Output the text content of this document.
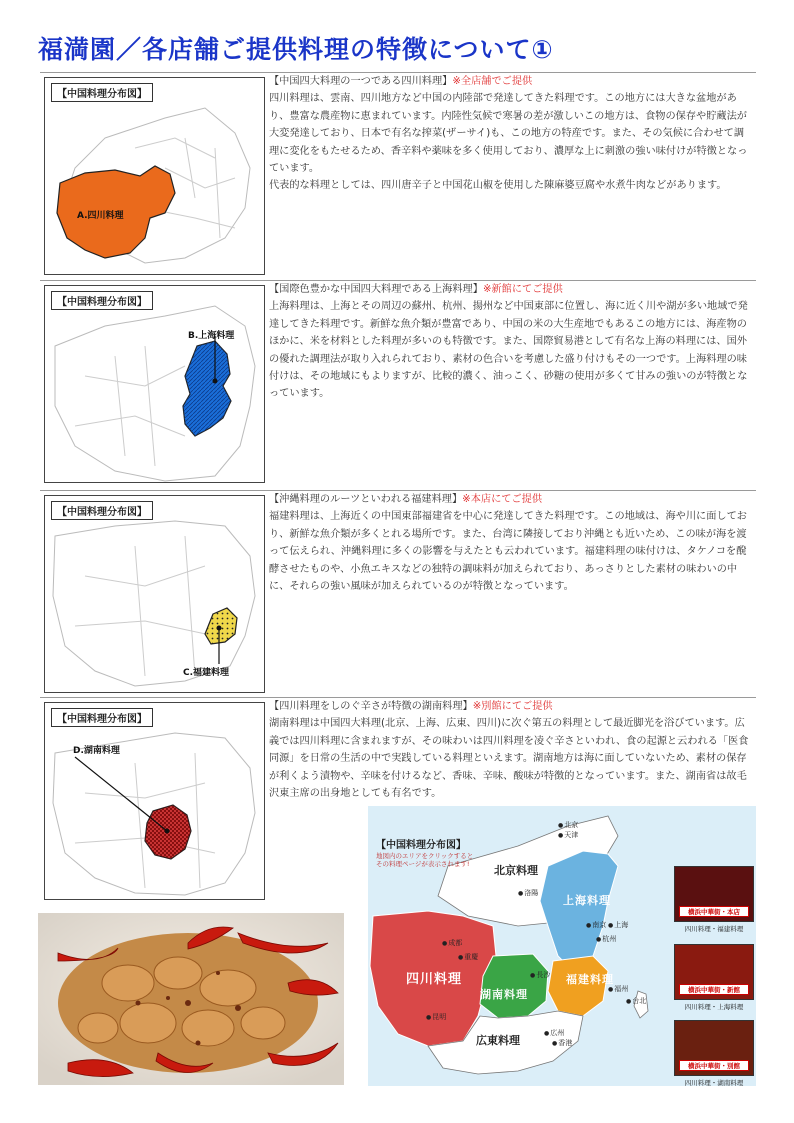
福満園／各店舗ご提供料理の特徴について①
【中国料理分布図】
A.四川料理
【中国四大料理の一つである四川料理】※全店舗でご提供
四川料理は、雲南、四川地方など中国の内陸部で発達してきた料理です。この地方には大きな盆地があり、豊富な農産物に恵まれています。内陸性気候で寒暑の差が激しいこの地方は、食物の保存や貯蔵法が大変発達しており、日本で有名な搾菜(ザーサイ)も、この地方の特産です。また、その気候に合わせて調理に変化をもたせるため、香辛料や薬味を多く使用しており、濃厚な上に刺激の強い味付けが特徴となっています。
代表的な料理としては、四川唐辛子と中国花山椒を使用した陳麻婆豆腐や水煮牛肉などがあります。
【中国料理分布図】
B.上海料理
【国際色豊かな中国四大料理である上海料理】※新館にてご提供
上海料理は、上海とその周辺の蘇州、杭州、揚州など中国東部に位置し、海に近く川や湖が多い地域で発達してきた料理です。新鮮な魚介類が豊富であり、中国の米の大生産地でもあるこの地方には、海産物のほかに、米を材料とした料理が多いのも特徴です。また、国際貿易港として有名な上海の料理には、国外の優れた調理法が取り入れられており、素材の色合いを考慮した盛り付けもその一つです。上海料理の味付けは、その地域にもよりますが、比較的濃く、油っこく、砂糖の使用が多くて甘みの強いのが特徴となっています。
【中国料理分布図】
C.福建料理
【沖縄料理のルーツといわれる福建料理】※本店にてご提供
福建料理は、上海近くの中国東部福建省を中心に発達してきた料理です。この地域は、海や川に面しており、新鮮な魚介類が多くとれる場所です。また、台湾に隣接しており沖縄とも近いため、この味が海を渡って伝えられ、沖縄料理に多くの影響を与えたとも云われています。福建料理の味付けは、タケノコを醗酵させたものや、小魚エキスなどの独特の調味料が加えられており、あっさりとした素材の味わいの中に、それらの強い風味が加えられているのが特徴となっています。
【中国料理分布図】
D.湖南料理
【四川料理をしのぐ辛さが特徴の湖南料理】※別館にてご提供
湖南料理は中国四大料理(北京、上海、広東、四川)に次ぐ第五の料理として最近脚光を浴びています。広義では四川料理に含まれますが、その味わいは四川料理を凌ぐ辛さといわれ、食の起源と云われる「医食同源」を日常の生活の中で実践している料理といえます。湖南地方は海に面していないため、素材の保存が利くよう漬物や、辛味を付けるなど、香味、辛味、酸味が特徴的となっています。また、湖南省は故毛沢東主席の出身地としても有名です。
【中国料理分布図】
地図内のエリアをクリックすると
その料理ページが表示されます!	北京料理
上海料理
四川料理
湖南料理
福建料理
広東料理
● 北京
● 天津
● 洛陽
● 南京
●	上海
● 杭州
● 成都
● 重慶
● 長沙
● 福州
● 台北
● 昆明
● 広州
● 香港
横浜中華街・本店
四川料理・福建料理
横浜中華街・新館
四川料理・上海料理
横浜中華街・別館
四川料理・湖南料理
